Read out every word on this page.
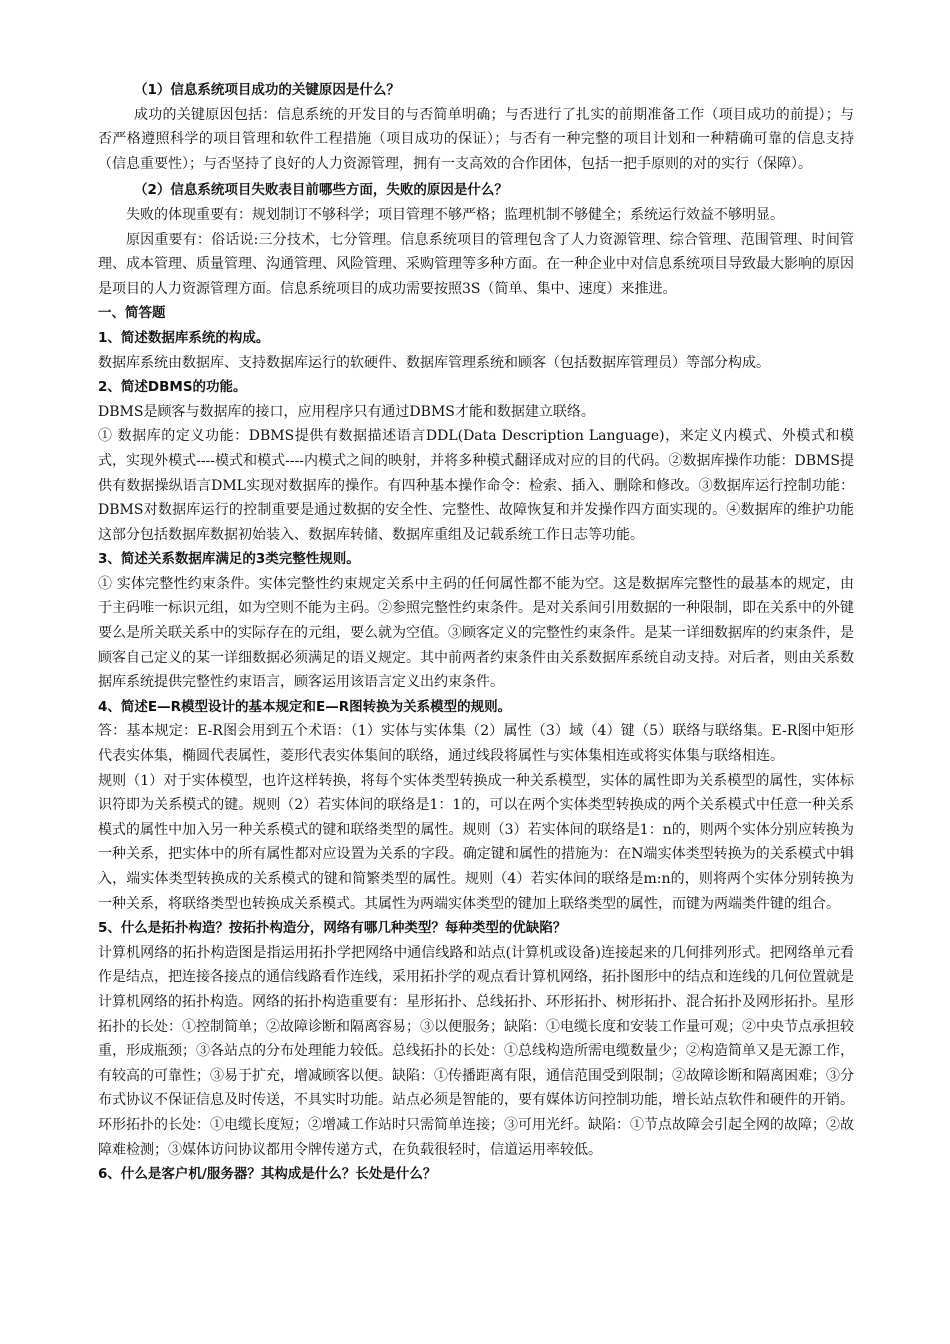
（1）信息系统项目成功的关键原因是什么？

成功的关键原因包括：信息系统的开发目的与否简单明确；与否进行了扎实的前期准备工作（项目成功的前提）；与否严格遵照科学的项目管理和软件工程措施（项目成功的保证）；与否有一种完整的项目计划和一种精确可靠的信息支持（信息重要性）；与否坚持了良好的人力资源管理，拥有一支高效的合作团体，包括一把手原则的对的实行（保障）。

（2）信息系统项目失败表目前哪些方面，失败的原因是什么？

失败的体现重要有：规划制订不够科学；项目管理不够严格；监理机制不够健全；系统运行效益不够明显。

原因重要有：俗话说:三分技术，七分管理。信息系统项目的管理包含了人力资源管理、综合管理、范围管理、时间管理、成本管理、质量管理、沟通管理、风险管理、采购管理等多种方面。在一种企业中对信息系统项目导致最大影响的原因是项目的人力资源管理方面。信息系统项目的成功需要按照3S（简单、集中、速度）来推进。

一、简答题

1、简述数据库系统的构成。

数据库系统由数据库、支持数据库运行的软硬件、数据库管理系统和顾客（包括数据库管理员）等部分构成。

2、简述DBMS的功能。

DBMS是顾客与数据库的接口，应用程序只有通过DBMS才能和数据建立联络。

① 数据库的定义功能：DBMS提供有数据描述语言DDL(Data Description Language)，来定义内模式、外模式和模式，实现外模式----模式和模式----内模式之间的映射，并将多种模式翻译成对应的目的代码。②数据库操作功能：DBMS提供有数据操纵语言DML实现对数据库的操作。有四种基本操作命令：检索、插入、删除和修改。③数据库运行控制功能：DBMS对数据库运行的控制重要是通过数据的安全性、完整性、故障恢复和并发操作四方面实现的。④数据库的维护功能这部分包括数据库数据初始装入、数据库转储、数据库重组及记载系统工作日志等功能。

3、简述关系数据库满足的3类完整性规则。

① 实体完整性约束条件。实体完整性约束规定关系中主码的任何属性都不能为空。这是数据库完整性的最基本的规定，由于主码唯一标识元组，如为空则不能为主码。②参照完整性约束条件。是对关系间引用数据的一种限制，即在关系中的外键要么是所关联关系中的实际存在的元组，要么就为空值。③顾客定义的完整性约束条件。是某一详细数据库的约束条件，是顾客自己定义的某一详细数据必须满足的语义规定。其中前两者约束条件由关系数据库系统自动支持。对后者，则由关系数据库系统提供完整性约束语言，顾客运用该语言定义出约束条件。

4、简述E—R模型设计的基本规定和E—R图转换为关系模型的规则。

答：基本规定：E-R图会用到五个术语：（1）实体与实体集（2）属性（3）域（4）键（5）联络与联络集。E-R图中矩形代表实体集，椭圆代表属性，菱形代表实体集间的联络，通过线段将属性与实体集相连或将实体集与联络相连。

规则（1）对于实体模型，也许这样转换，将每个实体类型转换成一种关系模型，实体的属性即为关系模型的属性，实体标识符即为关系模式的键。规则（2）若实体间的联络是1：1的，可以在两个实体类型转换成的两个关系模式中任意一种关系模式的属性中加入另一种关系模式的键和联络类型的属性。规则（3）若实体间的联络是1：n的，则两个实体分别应转换为一种关系，把实体中的所有属性都对应设置为关系的字段。确定键和属性的措施为：在N端实体类型转换为的关系模式中辑入，端实体类型转换成的关系模式的键和简繁类型的属性。规则（4）若实体间的联络是m:n的，则将两个实体分别转换为一种关系，将联络类型也转换成关系模式。其属性为两端实体类型的键加上联络类型的属性，而键为两端类件键的组合。

5、什么是拓扑构造？按拓扑构造分，网络有哪几种类型？每种类型的优缺陷？

计算机网络的拓扑构造图是指运用拓扑学把网络中通信线路和站点(计算机或设备)连接起来的几何排列形式。把网络单元看作是结点，把连接各接点的通信线路看作连线，采用拓扑学的观点看计算机网络，拓扑图形中的结点和连线的几何位置就是计算机网络的拓扑构造。网络的拓扑构造重要有：星形拓扑、总线拓扑、环形拓扑、树形拓扑、混合拓扑及网形拓扑。星形拓扑的长处：①控制简单；②故障诊断和隔离容易；③以便服务；缺陷：①电缆长度和安装工作量可观；②中央节点承担较重，形成瓶颈；③各站点的分布处理能力较低。总线拓扑的长处：①总线构造所需电缆数量少；②构造简单又是无源工作，有较高的可靠性；③易于扩充，增减顾客以便。缺陷：①传播距离有限，通信范围受到限制；②故障诊断和隔离困难；③分布式协议不保证信息及时传送，不具实时功能。站点必须是智能的，要有媒体访问控制功能，增长站点软件和硬件的开销。环形拓扑的长处：①电缆长度短；②增减工作站时只需简单连接；③可用光纤。缺陷：①节点故障会引起全网的故障；②故障难检测；③媒体访问协议都用令牌传递方式，在负载很轻时，信道运用率较低。

6、什么是客户机/服务器？其构成是什么？长处是什么？
